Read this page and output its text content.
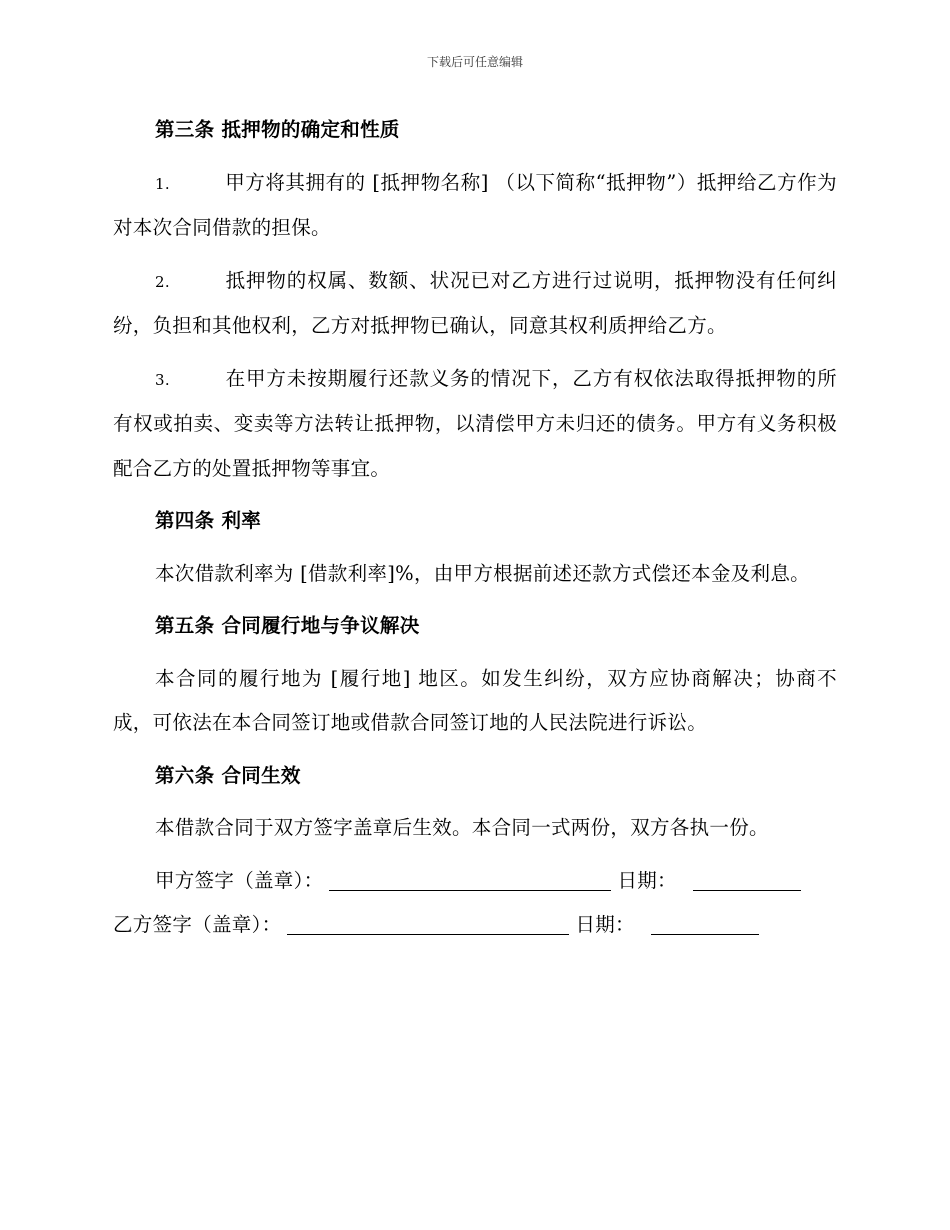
下载后可任意编辑

第三条 抵押物的确定和性质

1.	甲方将其拥有的 [抵押物名称] （以下简称“抵押物”）抵押给乙方作为对本次合同借款的担保。

2.	抵押物的权属、数额、状况已对乙方进行过说明，抵押物没有任何纠纷，负担和其他权利，乙方对抵押物已确认，同意其权利质押给乙方。

3.	在甲方未按期履行还款义务的情况下，乙方有权依法取得抵押物的所有权或拍卖、变卖等方法转让抵押物，以清偿甲方未归还的债务。甲方有义务积极配合乙方的处置抵押物等事宜。

第四条 利率

本次借款利率为 [借款利率]%，由甲方根据前述还款方式偿还本金及利息。

第五条 合同履行地与争议解决

本合同的履行地为 [履行地] 地区。如发生纠纷，双方应协商解决；协商不成，可依法在本合同签订地或借款合同签订地的人民法院进行诉讼。

第六条 合同生效

本借款合同于双方签字盖章后生效。本合同一式两份，双方各执一份。

甲方签字（盖章）：	日期：

乙方签字（盖章）：	日期：
